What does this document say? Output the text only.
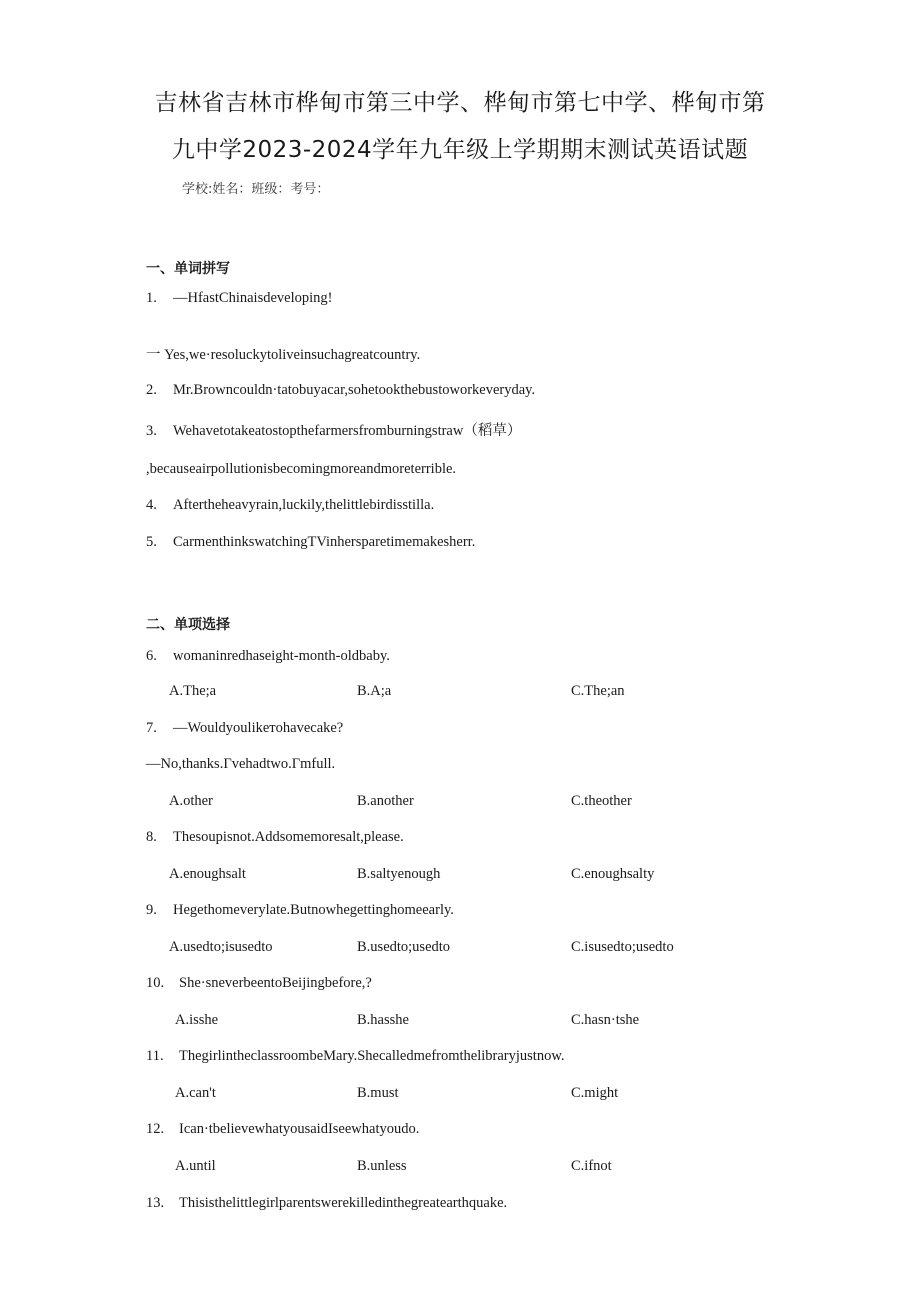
吉林省吉林市桦甸市第三中学、桦甸市第七中学、桦甸市第
九中学2023-2024学年九年级上学期期末测试英语试题
学校:姓名：班级：考号：
一、单词拼写
1. —HfastChinaisdeveloping!
一 Yes,we·resoluckytoliveinsuchagreatcountry.
2. Mr.Browncouldn·tatobuyacar,sohetookthebustoworkeveryday.
3. Wehavetotakeatostopthefarmersfromburningstraw（稻草）
,becauseairpollutionisbecomingmoreandmoreterrible.
4. Aftertheheavyrain,luckily,thelittlebirdisstilla.
5. CarmenthinkswatchingTVinhersparetimemakesherr.
二、单项选择
6. womaninredhaseight-month-oldbaby.
A.The;a	B.A;a	C.The;an
7. —Wouldyoulikeтohavecake?
—No,thanks.Γvehadtwo.Γmfull.
A.other	B.another	C.theother
8. Thesoupisnot.Addsomemoresalt,please.
A.enoughsalt	B.saltyenough	C.enoughsalty
9. Hegethomeverylate.Butnowhegettinghomeearly.
A.usedto;isusedto	B.usedto;usedto	C.isusedto;usedto
10. She·sneverbeentoBeijingbefore,?
A.isshe	B.hasshe	C.hasn·tshe
11. ThegirlintheclassroombeMary.Shecalledmefromthelibraryjustnow.
A.can't	B.must	C.might
12. Ican·tbelievewhatyousaidIseewhatyoudo.
A.until	B.unless	C.ifnot
13. Thisisthelittlegirlparentswerekilledinthegreatearthquake.
